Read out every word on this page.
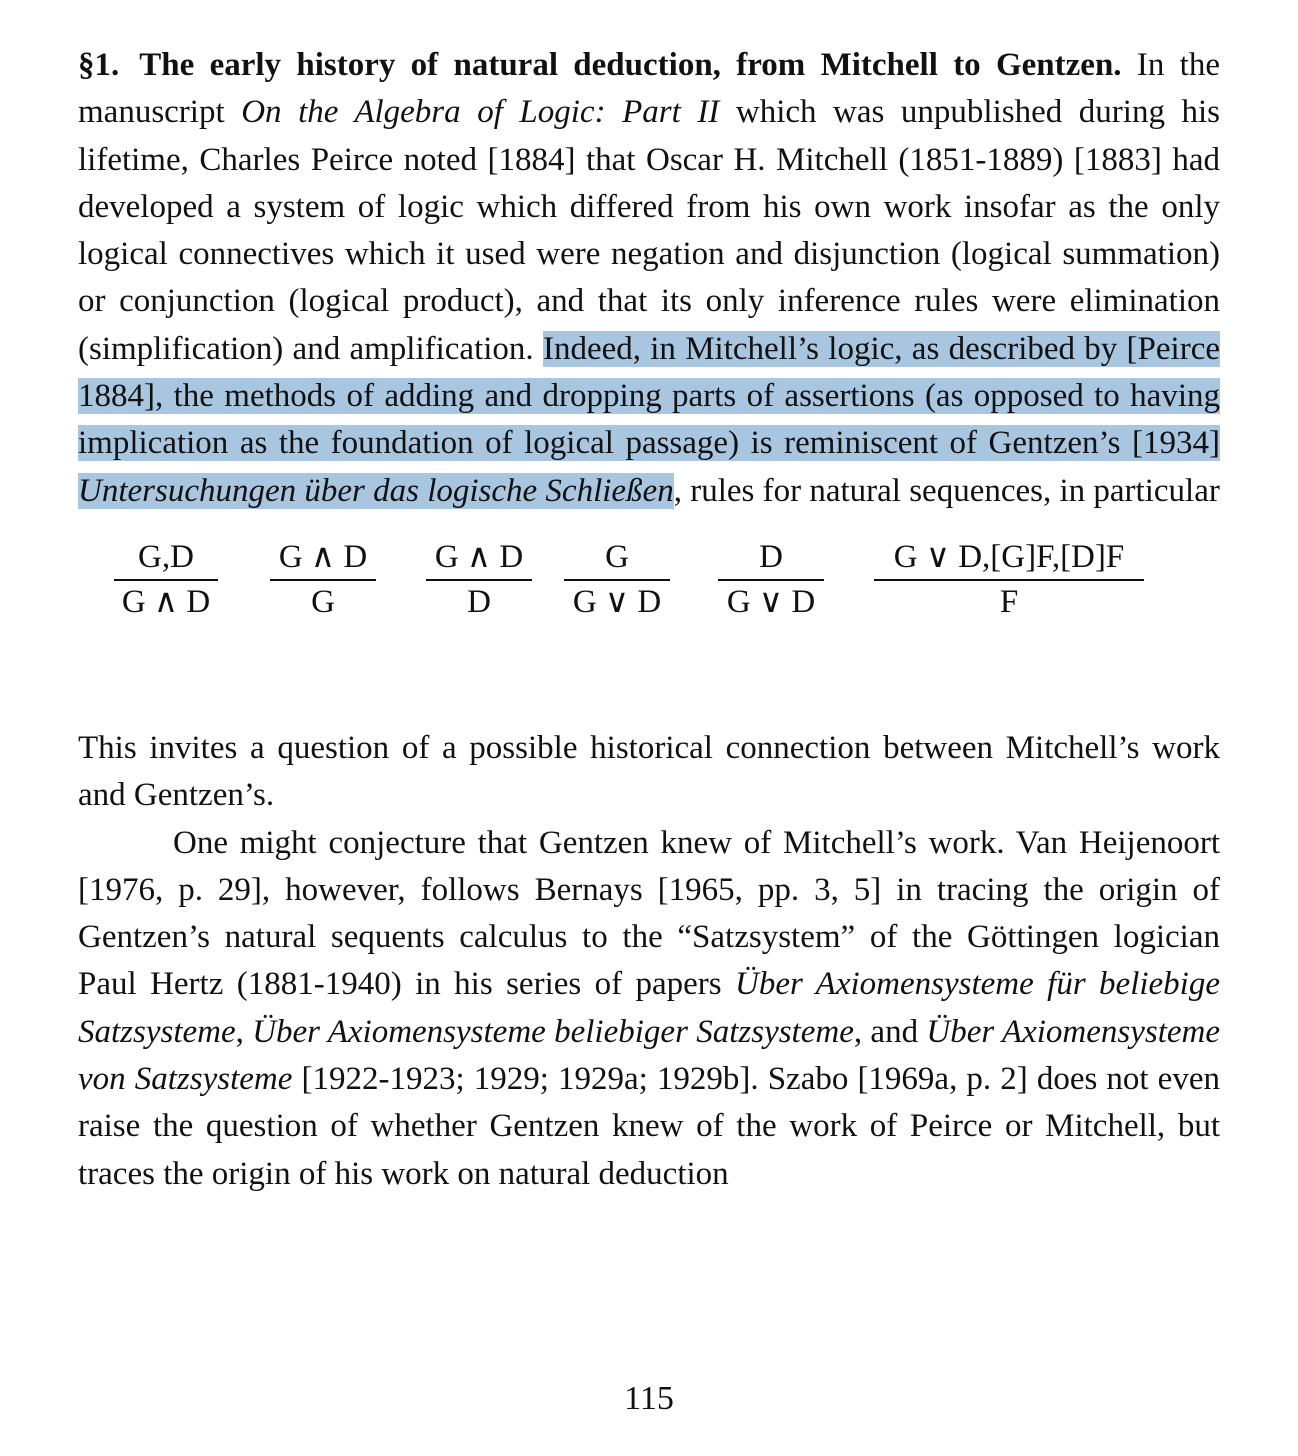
§1. The early history of natural deduction, from Mitchell to Gentzen. In the manuscript On the Algebra of Logic: Part II which was unpublished during his lifetime, Charles Peirce noted [1884] that Oscar H. Mitchell (1851-1889) [1883] had developed a system of logic which differed from his own work insofar as the only logical connectives which it used were negation and disjunction (logical summation) or conjunction (logical product), and that its only inference rules were elimination (simplification) and amplification. Indeed, in Mitchell’s logic, as described by [Peirce 1884], the methods of adding and dropping parts of assertions (as opposed to having implication as the foundation of logical passage) is reminiscent of Gentzen’s [1934] Untersuchungen über das logische Schließen, rules for natural sequences, in particular

$\frac{G,D}{G \wedge D} \frac{G \wedge D}{G} \frac{G \wedge D}{D} \frac{G}{G \vee D} \frac{D}{G \vee D} \frac{G \vee D,[G]F,[D]F}{F}$

This invites a question of a possible historical connection between Mitchell’s work and Gentzen’s.

One might conjecture that Gentzen knew of Mitchell’s work. Van Heijenoort [1976, p. 29], however, follows Bernays [1965, pp. 3, 5] in tracing the origin of Gentzen’s natural sequents calculus to the “Satzsystem” of the Göttingen logician Paul Hertz (1881-1940) in his series of papers Über Axiomensysteme für beliebige Satzsysteme, Über Axiomensysteme beliebiger Satzsysteme, and Über Axiomensysteme von Satzsysteme [1922-1923; 1929; 1929a; 1929b]. Szabo [1969a, p. 2] does not even raise the question of whether Gentzen knew of the work of Peirce or Mitchell, but traces the origin of his work on natural deduction

115
